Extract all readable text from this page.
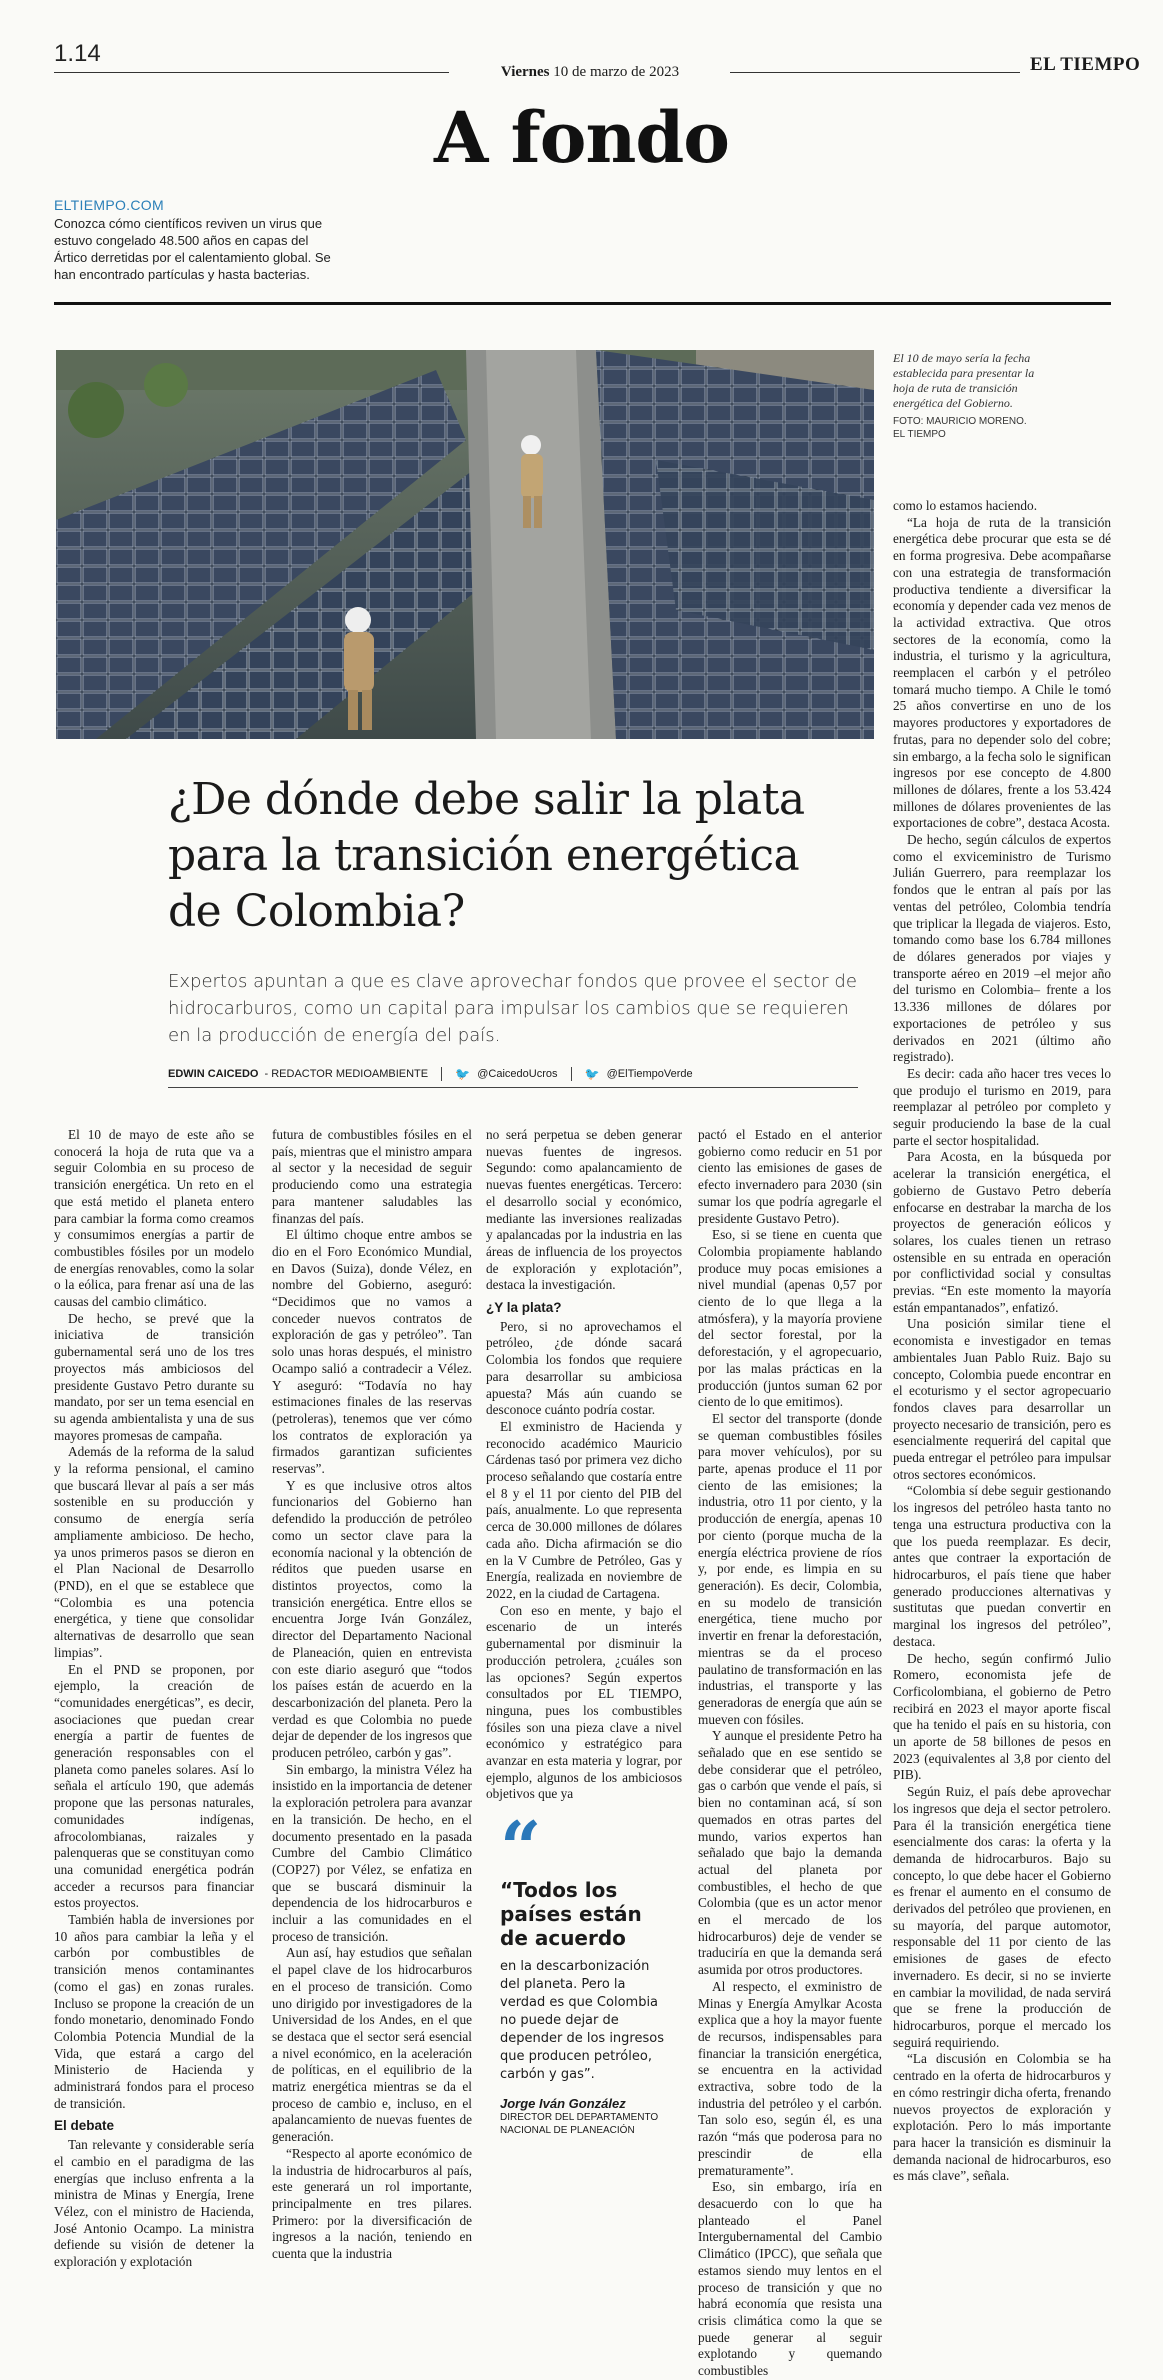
1.14
Viernes 10 de marzo de 2023	EL TIEMPO
A fondo
ELTIEMPO.COM
Conozca cómo científicos reviven un virus que estuvo congelado 48.500 años en capas del Ártico derretidas por el calentamiento global. Se han encontrado partículas y hasta bacterias.
El 10 de mayo sería la fecha establecida para presentar la hoja de ruta de transición energética del Gobierno.
FOTO: MAURICIO MORENO.
EL TIEMPO
¿De dónde debe salir la plata para la transición energética de Colombia?
Expertos apuntan a que es clave aprovechar fondos que provee el sector de hidrocarburos, como un capital para impulsar los cambios que se requieren en la producción de energía del país.
EDWIN CAICEDO - REDACTOR MEDIOAMBIENTE 🐦 @CaicedoUcros 🐦 @ElTiempoVerde

como lo estamos haciendo.

“La hoja de ruta de la transición energética debe procurar que esta se dé en forma progresiva. Debe acompañarse con una estrategia de transformación productiva tendiente a diversificar la economía y depender cada vez menos de la actividad extractiva. Que otros sectores de la economía, como la industria, el turismo y la agricultura, reemplacen el carbón y el petróleo tomará mucho tiempo. A Chile le tomó 25 años convertirse en uno de los mayores productores y exportadores de frutas, para no depender solo del cobre; sin embargo, a la fecha solo le significan ingresos por ese concepto de 4.800 millones de dólares, frente a los 53.424 millones de dólares provenientes de las exportaciones de cobre”, destaca Acosta.

De hecho, según cálculos de expertos como el exviceministro de Turismo Julián Guerrero, para reemplazar los fondos que le entran al país por las ventas del petróleo, Colombia tendría que triplicar la llegada de viajeros. Esto, tomando como base los 6.784 millones de dólares generados por viajes y transporte aéreo en 2019 –el mejor año del turismo en Colombia– frente a los 13.336 millones de dólares por exportaciones de petróleo y sus derivados en 2021 (último año registrado).

Es decir: cada año hacer tres veces lo que produjo el turismo en 2019, para reemplazar al petróleo por completo y seguir produciendo la base de la cual parte el sector hospitalidad.

Para Acosta, en la búsqueda por acelerar la transición energética, el gobierno de Gustavo Petro debería enfocarse en destrabar la marcha de los proyectos de generación eólicos y solares, los cuales tienen un retraso ostensible en su entrada en operación por conflictividad social y consultas previas. “En este momento la mayoría están empantanados”, enfatizó.

Una posición similar tiene el economista e investigador en temas ambientales Juan Pablo Ruiz. Bajo su concepto, Colombia puede encontrar en el ecoturismo y el sector agropecuario fondos claves para desarrollar un proyecto necesario de transición, pero es esencialmente requerirá del capital que pueda entregar el petróleo para impulsar otros sectores económicos.

“Colombia sí debe seguir gestionando los ingresos del petróleo hasta tanto no tenga una estructura productiva con la que los pueda reemplazar. Es decir, antes que contraer la exportación de hidrocarburos, el país tiene que haber generado producciones alternativas y sustitutas que puedan convertir en marginal los ingresos del petróleo”, destaca.

De hecho, según confirmó Julio Romero, economista jefe de Corficolombiana, el gobierno de Petro recibirá en 2023 el mayor aporte fiscal que ha tenido el país en su historia, con un aporte de 58 billones de pesos en 2023 (equivalentes al 3,8 por ciento del PIB).

Según Ruiz, el país debe aprovechar los ingresos que deja el sector petrolero. Para él la transición energética tiene esencialmente dos caras: la oferta y la demanda de hidrocarburos. Bajo su concepto, lo que debe hacer el Gobierno es frenar el aumento en el consumo de derivados del petróleo que provienen, en su mayoría, del parque automotor, responsable del 11 por ciento de las emisiones de gases de efecto invernadero. Es decir, si no se invierte en cambiar la movilidad, de nada servirá que se frene la producción de hidrocarburos, porque el mercado los seguirá requiriendo.

“La discusión en Colombia se ha centrado en la oferta de hidrocarburos y en cómo restringir dicha oferta, frenando nuevos proyectos de exploración y explotación. Pero lo más importante para hacer la transición es disminuir la demanda nacional de hidrocarburos, eso es más clave”, señala.

El 10 de mayo de este año se conocerá la hoja de ruta que va a seguir Colombia en su proceso de transición energética. Un reto en el que está metido el planeta entero para cambiar la forma como creamos y consumimos energías a partir de combustibles fósiles por un modelo de energías renovables, como la solar o la eólica, para frenar así una de las causas del cambio climático.

De hecho, se prevé que la iniciativa de transición gubernamental será uno de los tres proyectos más ambiciosos del presidente Gustavo Petro durante su mandato, por ser un tema esencial en su agenda ambientalista y una de sus mayores promesas de campaña.

Además de la reforma de la salud y la reforma pensional, el camino que buscará llevar al país a ser más sostenible en su producción y consumo de energía sería ampliamente ambicioso. De hecho, ya unos primeros pasos se dieron en el Plan Nacional de Desarrollo (PND), en el que se establece que “Colombia es una potencia energética, y tiene que consolidar alternativas de desarrollo que sean limpias”.

En el PND se proponen, por ejemplo, la creación de “comunidades energéticas”, es decir, asociaciones que puedan crear energía a partir de fuentes de generación responsables con el planeta como paneles solares. Así lo señala el artículo 190, que además propone que las personas naturales, comunidades indígenas, afrocolombianas, raizales y palenqueras que se constituyan como una comunidad energética podrán acceder a recursos para financiar estos proyectos.

También habla de inversiones por 10 años para cambiar la leña y el carbón por combustibles de transición menos contaminantes (como el gas) en zonas rurales. Incluso se propone la creación de un fondo monetario, denominado Fondo Colombia Potencia Mundial de la Vida, que estará a cargo del Ministerio de Hacienda y administrará fondos para el proceso de transición.

El debate

Tan relevante y considerable sería el cambio en el paradigma de las energías que incluso enfrenta a la ministra de Minas y Energía, Irene Vélez, con el ministro de Hacienda, José Antonio Ocampo. La ministra defiende su visión de detener la exploración y explotación

futura de combustibles fósiles en el país, mientras que el ministro ampara al sector y la necesidad de seguir produciendo como una estrategia para mantener saludables las finanzas del país.

El último choque entre ambos se dio en el Foro Económico Mundial, en Davos (Suiza), donde Vélez, en nombre del Gobierno, aseguró: “Decidimos que no vamos a conceder nuevos contratos de exploración de gas y petróleo”. Tan solo unas horas después, el ministro Ocampo salió a contradecir a Vélez. Y aseguró: “Todavía no hay estimaciones finales de las reservas (petroleras), tenemos que ver cómo los contratos de exploración ya firmados garantizan suficientes reservas”.

Y es que inclusive otros altos funcionarios del Gobierno han defendido la producción de petróleo como un sector clave para la economía nacional y la obtención de réditos que pueden usarse en distintos proyectos, como la transición energética. Entre ellos se encuentra Jorge Iván González, director del Departamento Nacional de Planeación, quien en entrevista con este diario aseguró que “todos los países están de acuerdo en la descarbonización del planeta. Pero la verdad es que Colombia no puede dejar de depender de los ingresos que producen petróleo, carbón y gas”.

Sin embargo, la ministra Vélez ha insistido en la importancia de detener la exploración petrolera para avanzar en la transición. De hecho, en el documento presentado en la pasada Cumbre del Cambio Climático (COP27) por Vélez, se enfatiza en que se buscará disminuir la dependencia de los hidrocarburos e incluir a las comunidades en el proceso de transición.

Aun así, hay estudios que señalan el papel clave de los hidrocarburos en el proceso de transición. Como uno dirigido por investigadores de la Universidad de los Andes, en el que se destaca que el sector será esencial a nivel económico, en la aceleración de políticas, en el equilibrio de la matriz energética mientras se da el proceso de cambio e, incluso, en el apalancamiento de nuevas fuentes de generación.

“Respecto al aporte económico de la industria de hidrocarburos al país, este generará un rol importante, principalmente en tres pilares. Primero: por la diversificación de ingresos a la nación, teniendo en cuenta que la industria

no será perpetua se deben generar nuevas fuentes de ingresos. Segundo: como apalancamiento de nuevas fuentes energéticas. Tercero: el desarrollo social y económico, mediante las inversiones realizadas y apalancadas por la industria en las áreas de influencia de los proyectos de exploración y explotación”, destaca la investigación.

¿Y la plata?

Pero, si no aprovechamos el petróleo, ¿de dónde sacará Colombia los fondos que requiere para desarrollar su ambiciosa apuesta? Más aún cuando se desconoce cuánto podría costar.

El exministro de Hacienda y reconocido académico Mauricio Cárdenas tasó por primera vez dicho proceso señalando que costaría entre el 8 y el 11 por ciento del PIB del país, anualmente. Lo que representa cerca de 30.000 millones de dólares cada año. Dicha afirmación se dio en la V Cumbre de Petróleo, Gas y Energía, realizada en noviembre de 2022, en la ciudad de Cartagena.

Con eso en mente, y bajo el escenario de un interés gubernamental por disminuir la producción petrolera, ¿cuáles son las opciones? Según expertos consultados por EL TIEMPO, ninguna, pues los combustibles fósiles son una pieza clave a nivel económico y estratégico para avanzar en esta materia y lograr, por ejemplo, algunos de los ambiciosos objetivos que ya

“
“Todos los países están de acuerdo
en la descarbonización del planeta. Pero la verdad es que Colombia no puede dejar de depender de los ingresos que producen petróleo, carbón y gas”.
Jorge Iván González
DIRECTOR DEL DEPARTAMENTO NACIONAL DE PLANEACIÓN

pactó el Estado en el anterior gobierno como reducir en 51 por ciento las emisiones de gases de efecto invernadero para 2030 (sin sumar los que podría agregarle el presidente Gustavo Petro).

Eso, si se tiene en cuenta que Colombia propiamente hablando produce muy pocas emisiones a nivel mundial (apenas 0,57 por ciento de lo que llega a la atmósfera), y la mayoría proviene del sector forestal, por la deforestación, y el agropecuario, por las malas prácticas en la producción (juntos suman 62 por ciento de lo que emitimos).

El sector del transporte (donde se queman combustibles fósiles para mover vehículos), por su parte, apenas produce el 11 por ciento de las emisiones; la industria, otro 11 por ciento, y la producción de energía, apenas 10 por ciento (porque mucha de la energía eléctrica proviene de ríos y, por ende, es limpia en su generación). Es decir, Colombia, en su modelo de transición energética, tiene mucho por invertir en frenar la deforestación, mientras se da el proceso paulatino de transformación en las industrias, el transporte y las generadoras de energía que aún se mueven con fósiles.

Y aunque el presidente Petro ha señalado que en ese sentido se debe considerar que el petróleo, gas o carbón que vende el país, si bien no contaminan acá, sí son quemados en otras partes del mundo, varios expertos han señalado que bajo la demanda actual del planeta por combustibles, el hecho de que Colombia (que es un actor menor en el mercado de los hidrocarburos) deje de vender se traduciría en que la demanda será asumida por otros productores.

Al respecto, el exministro de Minas y Energía Amylkar Acosta explica que a hoy la mayor fuente de recursos, indispensables para financiar la transición energética, se encuentra en la actividad extractiva, sobre todo de la industria del petróleo y el carbón. Tan solo eso, según él, es una razón “más que poderosa para no prescindir de ella prematuramente”.

Eso, sin embargo, iría en desacuerdo con lo que ha planteado el Panel Intergubernamental del Cambio Climático (IPCC), que señala que estamos siendo muy lentos en el proceso de transición y que no habrá economía que resista una crisis climática como la que se puede generar al seguir explotando y quemando combustibles
